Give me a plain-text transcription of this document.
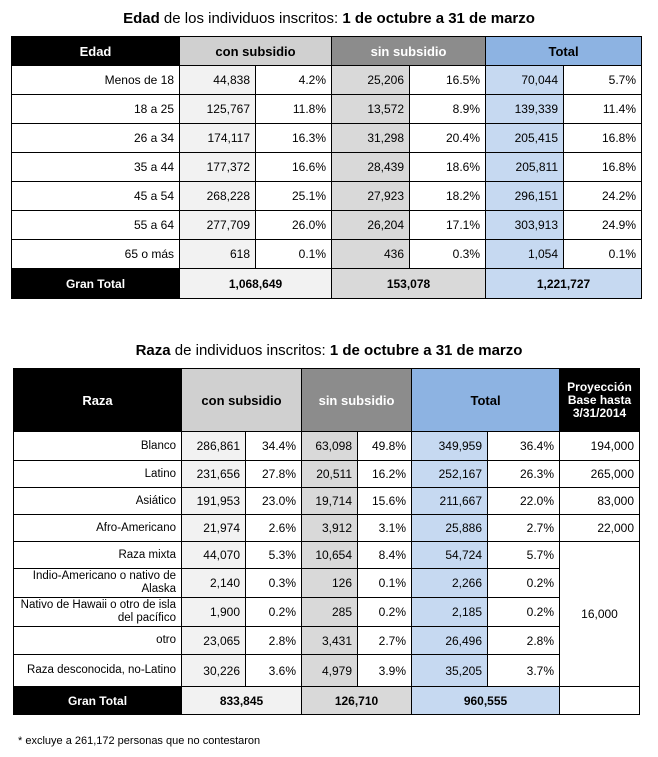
Edad de los individuos inscritos: 1 de octubre a 31 de marzo
Edad	con subsidio		sin subsidio		Total	
Menos de 18	44,838	4.2%	25,206	16.5%	70,044	5.7%
18 a 25	125,767	11.8%	13,572	8.9%	139,339	11.4%
26 a 34	174,117	16.3%	31,298	20.4%	205,415	16.8%
35 a 44	177,372	16.6%	28,439	18.6%	205,811	16.8%
45 a 54	268,228	25.1%	27,923	18.2%	296,151	24.2%
55 a 64	277,709	26.0%	26,204	17.1%	303,913	24.9%
65 o más	618	0.1%	436	0.3%	1,054	0.1%
Gran Total	1,068,649		153,078		1,221,727	
Raza de individuos inscritos: 1 de octubre a 31 de marzo
Raza	con subsidio		sin subsidio		Total		Proyección Base hasta 3/31/2014
Blanco	286,861	34.4%	63,098	49.8%	349,959	36.4%	194,000
Latino	231,656	27.8%	20,511	16.2%	252,167	26.3%	265,000
Asiático	191,953	23.0%	19,714	15.6%	211,667	22.0%	83,000
Afro-Americano	21,974	2.6%	3,912	3.1%	25,886	2.7%	22,000
Raza mixta	44,070	5.3%	10,654	8.4%	54,724	5.7%	16,000
Indio-Americano o nativo de Alaska	2,140	0.3%	126	0.1%	2,266	0.2%	
Nativo de Hawaii o otro de isla del pacífico	1,900	0.2%	285	0.2%	2,185	0.2%	
otro	23,065	2.8%	3,431	2.7%	26,496	2.8%	
Raza desconocida, no-Latino	30,226	3.6%	4,979	3.9%	35,205	3.7%	
Gran Total	833,845		126,710		960,555		
* excluye a 261,172 personas que no contestaron
